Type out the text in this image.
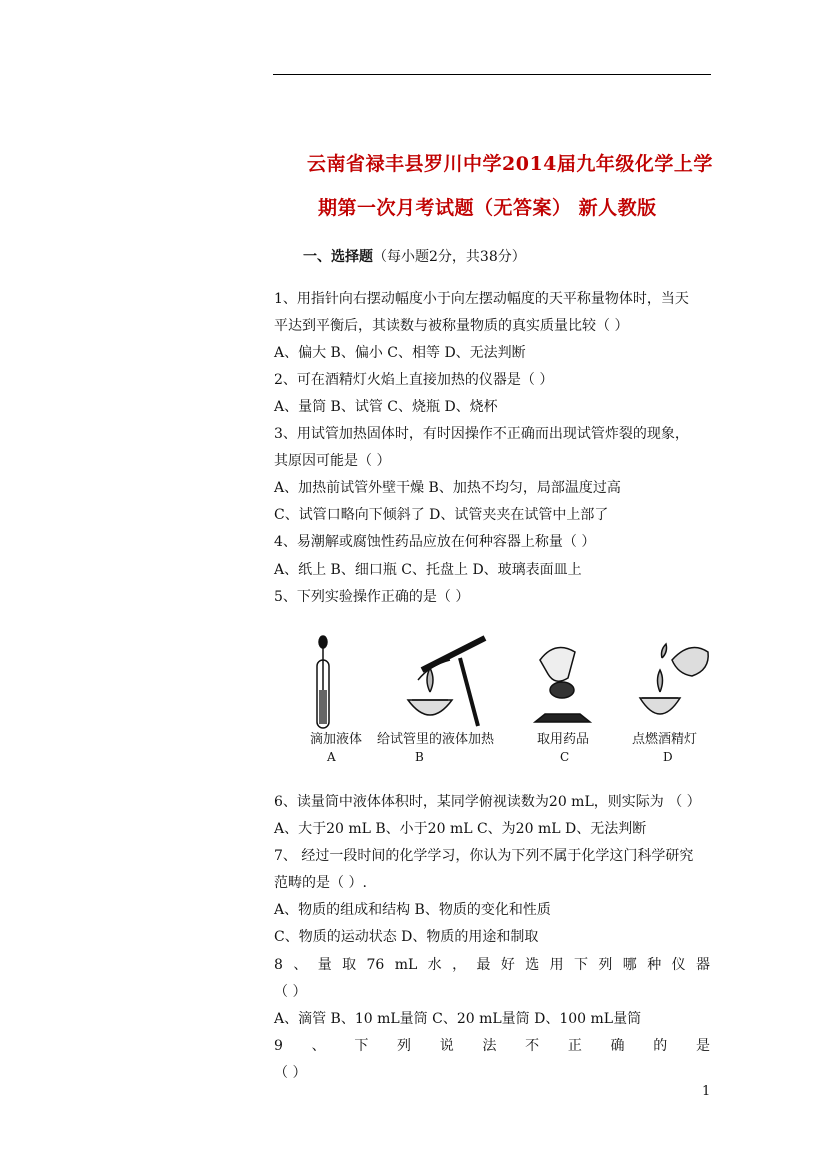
云南省禄丰县罗川中学2014届九年级化学上学
期第一次月考试题（无答案） 新人教版
一、选择题（每小题2分，共38分）
1、用指针向右摆动幅度小于向左摆动幅度的天平称量物体时，当天
平达到平衡后，其读数与被称量物质的真实质量比较（ ）
A、偏大 B、偏小 C、相等 D、无法判断
2、可在酒精灯火焰上直接加热的仪器是（ ）
A、量筒 B、试管 C、烧瓶 D、烧杯
3、用试管加热固体时，有时因操作不正确而出现试管炸裂的现象，
其原因可能是（ ）
A、加热前试管外壁干燥 B、加热不均匀，局部温度过高
C、试管口略向下倾斜了 D、试管夹夹在试管中上部了
4、易潮解或腐蚀性药品应放在何种容器上称量（ ）
A、纸上 B、细口瓶 C、托盘上 D、玻璃表面皿上
5、下列实验操作正确的是（ ）
滴加液体 给试管里的液体加热	取用药品	点燃酒精灯
A	B	C	D
6、读量筒中液体体积时，某同学俯视读数为20 mL，则实际为 （ ）
A、大于20 mL B、小于20 mL C、为20 mL D、无法判断
7、 经过一段时间的化学学习，你认为下列不属于化学这门科学研究
范畴的是（ ）.
A、物质的组成和结构 B、物质的变化和性质
C、物质的运动状态 D、物质的用途和制取
8 、 量 取 76 mL 水 ， 最 好 选 用 下 列 哪 种 仪 器
（ ）
A、滴管 B、10 mL量筒 C、20 mL量筒 D、100 mL量筒
9 、 下 列 说 法 不 正 确 的 是
（ ）
1
